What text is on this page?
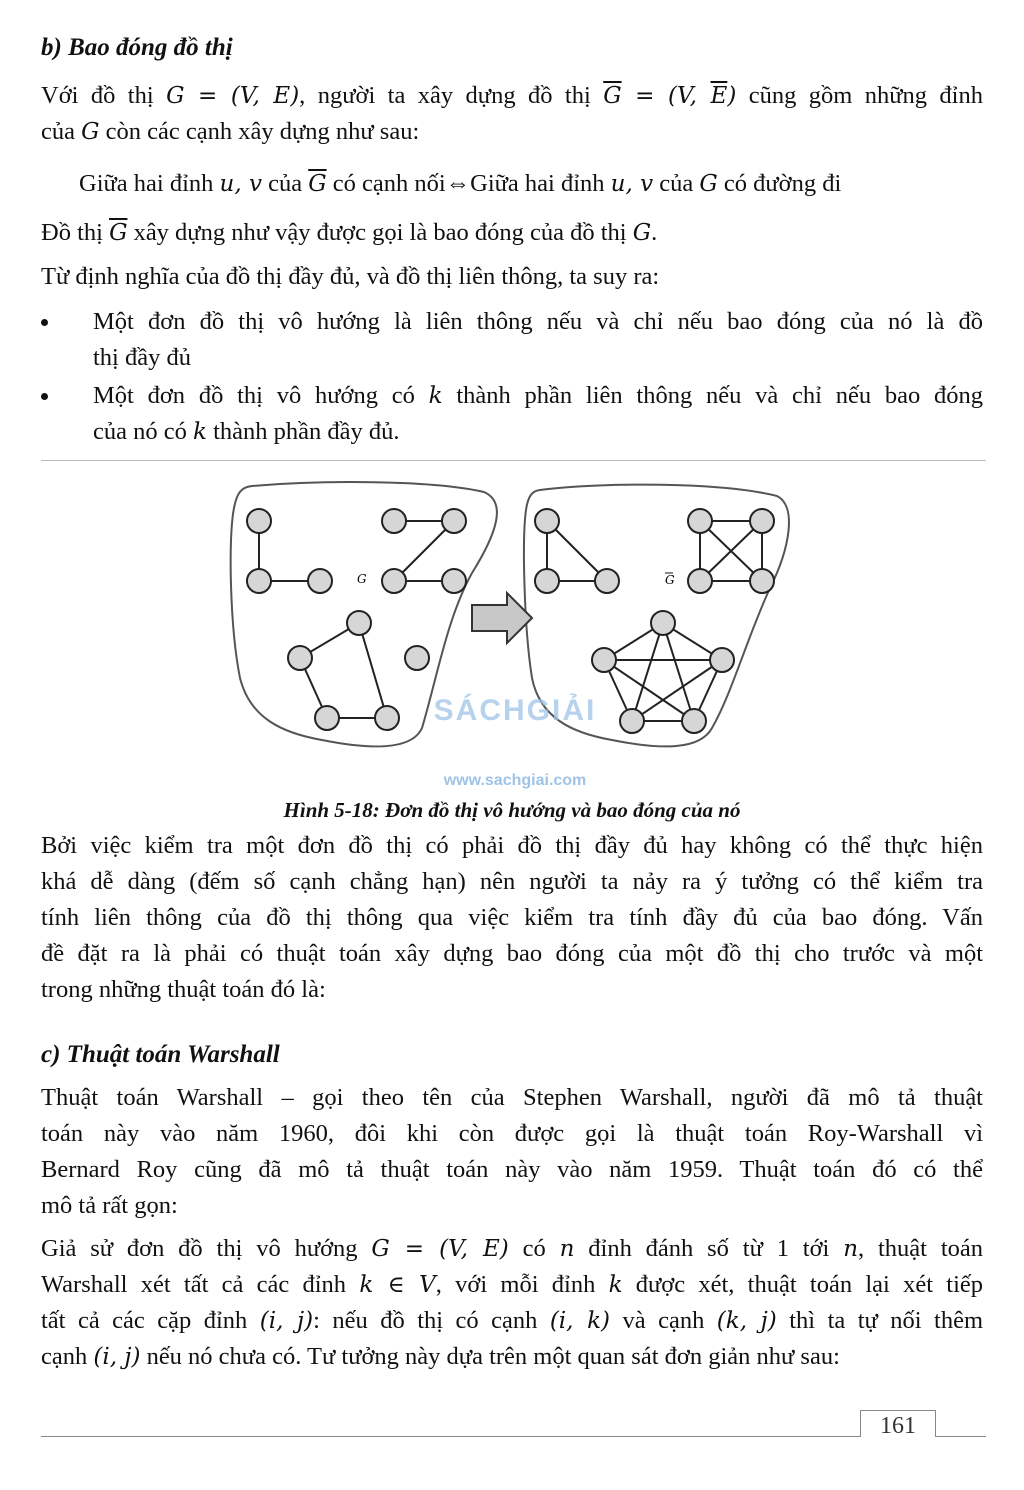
b) Bao đóng đồ thị
Với đồ thị G = (V, E), người ta xây dựng đồ thị $\overline{G} = (V$, $\overline{E}$) cũng gồm những đỉnh
của G còn các cạnh xây dựng như sau:
Giữa hai đỉnh u, v của $\overline{G}$ có cạnh nối⇔Giữa hai đỉnh u, v của G có đường đi
Đồ thị $\overline{G}$ xây dựng như vậy được gọi là bao đóng của đồ thị G.
Từ định nghĩa của đồ thị đầy đủ, và đồ thị liên thông, ta suy ra:
Một đơn đồ thị vô hướng là liên thông nếu và chỉ nếu bao đóng của nó là đồ
thị đầy đủ
Một đơn đồ thị vô hướng có k thành phần liên thông nếu và chỉ nếu bao đóng
của nó có k thành phần đầy đủ.
G	G
SÁCHGIẢI
www.sachgiai.com
Hình 5-18: Đơn đồ thị vô hướng và bao đóng của nó
Bởi việc kiểm tra một đơn đồ thị có phải đồ thị đầy đủ hay không có thể thực hiện
khá dễ dàng (đếm số cạnh chẳng hạn) nên người ta nảy ra ý tưởng có thể kiểm tra
tính liên thông của đồ thị thông qua việc kiểm tra tính đầy đủ của bao đóng. Vấn
đề đặt ra là phải có thuật toán xây dựng bao đóng của một đồ thị cho trước và một
trong những thuật toán đó là:
c) Thuật toán Warshall
Thuật toán Warshall – gọi theo tên của Stephen Warshall, người đã mô tả thuật
toán này vào năm 1960, đôi khi còn được gọi là thuật toán Roy-Warshall vì
Bernard Roy cũng đã mô tả thuật toán này vào năm 1959. Thuật toán đó có thể
mô tả rất gọn:
Giả sử đơn đồ thị vô hướng G = (V, E) có n đỉnh đánh số từ 1 tới n, thuật toán
Warshall xét tất cả các đỉnh k ∈ V, với mỗi đỉnh k được xét, thuật toán lại xét tiếp
tất cả các cặp đỉnh (i, j): nếu đồ thị có cạnh (i, k) và cạnh (k, j) thì ta tự nối thêm
cạnh (i, j) nếu nó chưa có. Tư tưởng này dựa trên một quan sát đơn giản như sau:
161
